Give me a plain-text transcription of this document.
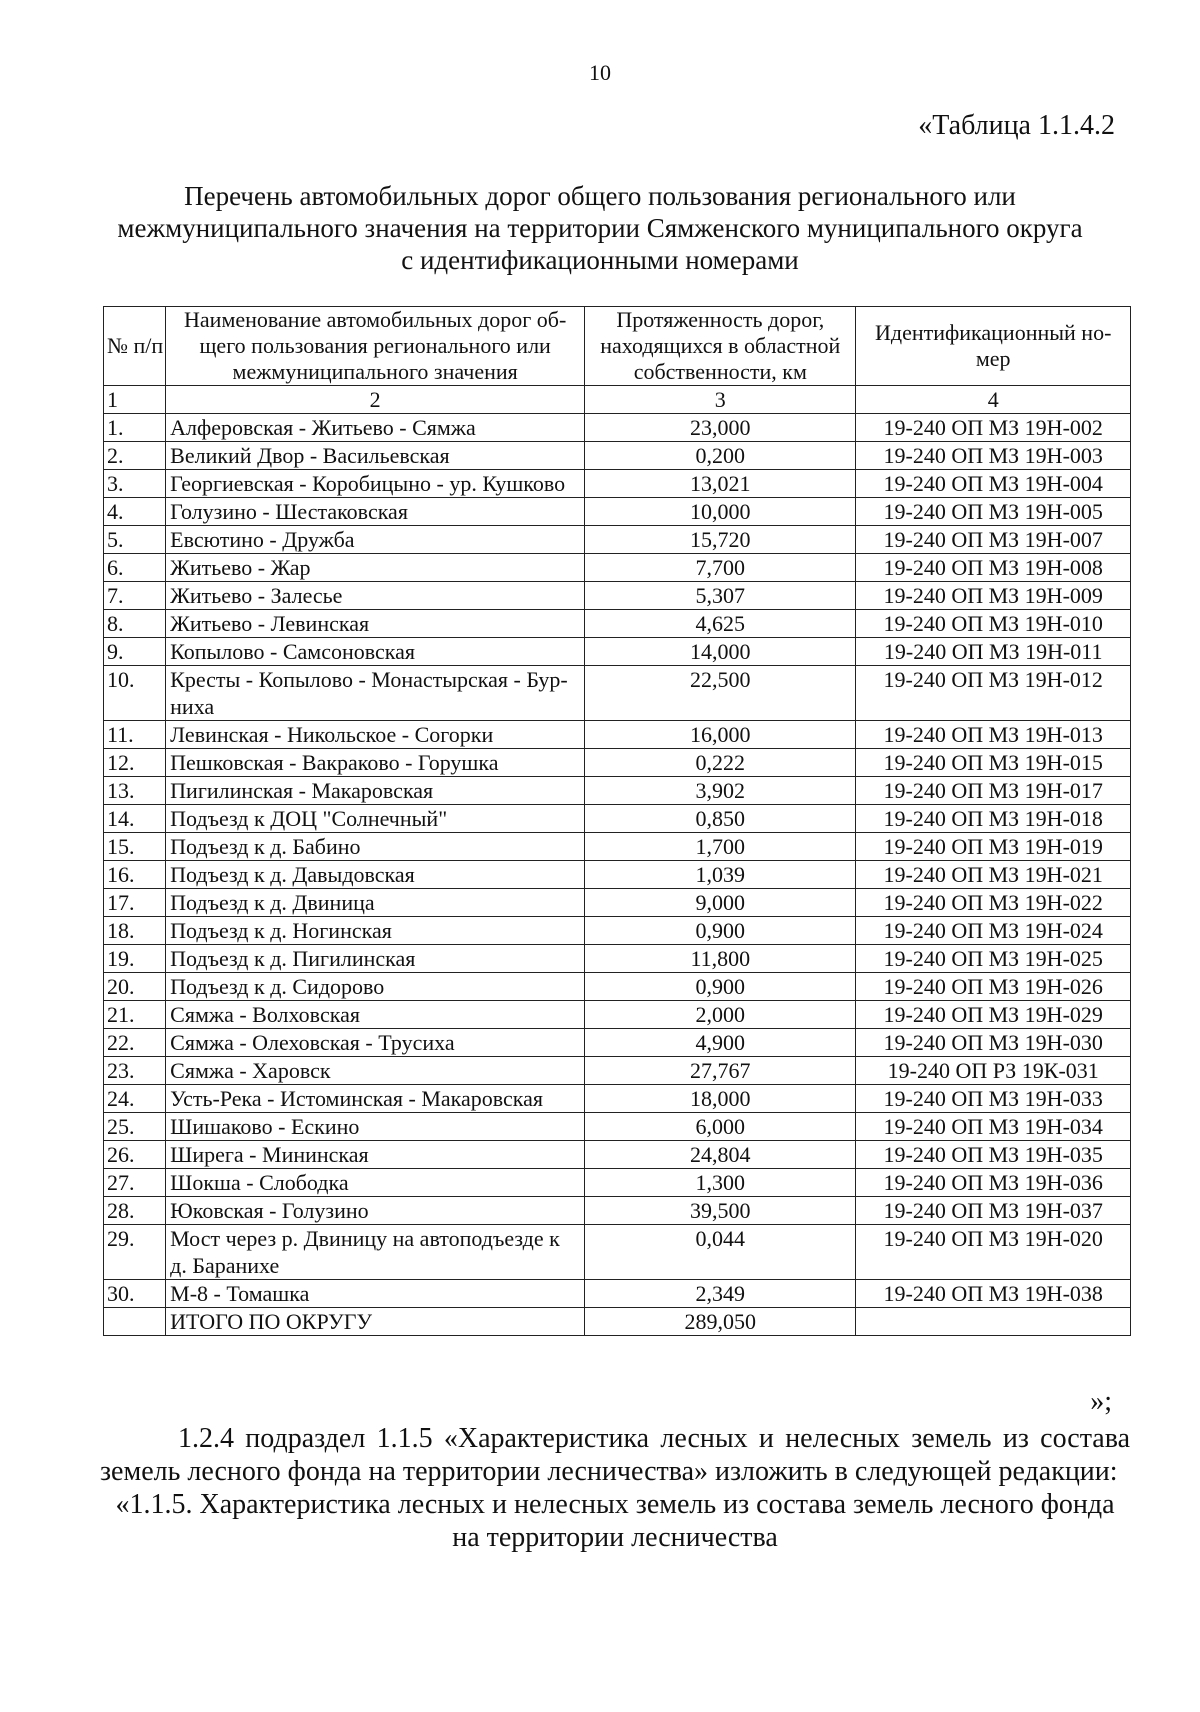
10
«Таблица 1.1.4.2
Перечень автомобильных дорог общего пользования регионального или
межмуниципального значения на территории Сямженского муниципального округа
с идентификационными номерами
№ п/п	Наименование автомобильных дорог об-щего пользования регионального или межмуниципального значения	Протяженность дорог, находящихся в областной собственности, км	Идентификационный но-мер
1	2	3	4
1.	Алферовская - Житьево - Сямжа	23,000	19-240 ОП МЗ 19Н-002
2.	Великий Двор - Васильевская	0,200	19-240 ОП МЗ 19Н-003
3.	Георгиевская - Коробицыно - ур. Кушково	13,021	19-240 ОП МЗ 19Н-004
4.	Голузино - Шестаковская	10,000	19-240 ОП МЗ 19Н-005
5.	Евсютино - Дружба	15,720	19-240 ОП МЗ 19Н-007
6.	Житьево - Жар	7,700	19-240 ОП МЗ 19Н-008
7.	Житьево - Залесье	5,307	19-240 ОП МЗ 19Н-009
8.	Житьево - Левинская	4,625	19-240 ОП МЗ 19Н-010
9.	Копылово - Самсоновская	14,000	19-240 ОП МЗ 19Н-011
10.	Кресты - Копылово - Монастырская - Бур-ниха	22,500	19-240 ОП МЗ 19Н-012
11.	Левинская - Никольское - Согорки	16,000	19-240 ОП МЗ 19Н-013
12.	Пешковская - Вакраково - Горушка	0,222	19-240 ОП МЗ 19Н-015
13.	Пигилинская - Макаровская	3,902	19-240 ОП МЗ 19Н-017
14.	Подъезд к ДОЦ "Солнечный"	0,850	19-240 ОП МЗ 19Н-018
15.	Подъезд к д. Бабино	1,700	19-240 ОП МЗ 19Н-019
16.	Подъезд к д. Давыдовская	1,039	19-240 ОП МЗ 19Н-021
17.	Подъезд к д. Двиница	9,000	19-240 ОП МЗ 19Н-022
18.	Подъезд к д. Ногинская	0,900	19-240 ОП МЗ 19Н-024
19.	Подъезд к д. Пигилинская	11,800	19-240 ОП МЗ 19Н-025
20.	Подъезд к д. Сидорово	0,900	19-240 ОП МЗ 19Н-026
21.	Сямжа - Волховская	2,000	19-240 ОП МЗ 19Н-029
22.	Сямжа - Олеховская - Трусиха	4,900	19-240 ОП МЗ 19Н-030
23.	Сямжа - Харовск	27,767	19-240 ОП РЗ 19К-031
24.	Усть-Река - Истоминская - Макаровская	18,000	19-240 ОП МЗ 19Н-033
25.	Шишаково - Ескино	6,000	19-240 ОП МЗ 19Н-034
26.	Ширега - Мининская	24,804	19-240 ОП МЗ 19Н-035
27.	Шокша - Слободка	1,300	19-240 ОП МЗ 19Н-036
28.	Юковская - Голузино	39,500	19-240 ОП МЗ 19Н-037
29.	Мост через р. Двиницу на автоподъезде к д. Баранихе	0,044	19-240 ОП МЗ 19Н-020
30.	М-8 - Томашка	2,349	19-240 ОП МЗ 19Н-038
	ИТОГО ПО ОКРУГУ	289,050	
»;
1.2.4 подраздел 1.1.5 «Характеристика лесных и нелесных земель из состава земель лесного фонда на территории лесничества» изложить в следующей редакции:
«1.1.5. Характеристика лесных и нелесных земель из состава земель лесного фонда на территории лесничества
